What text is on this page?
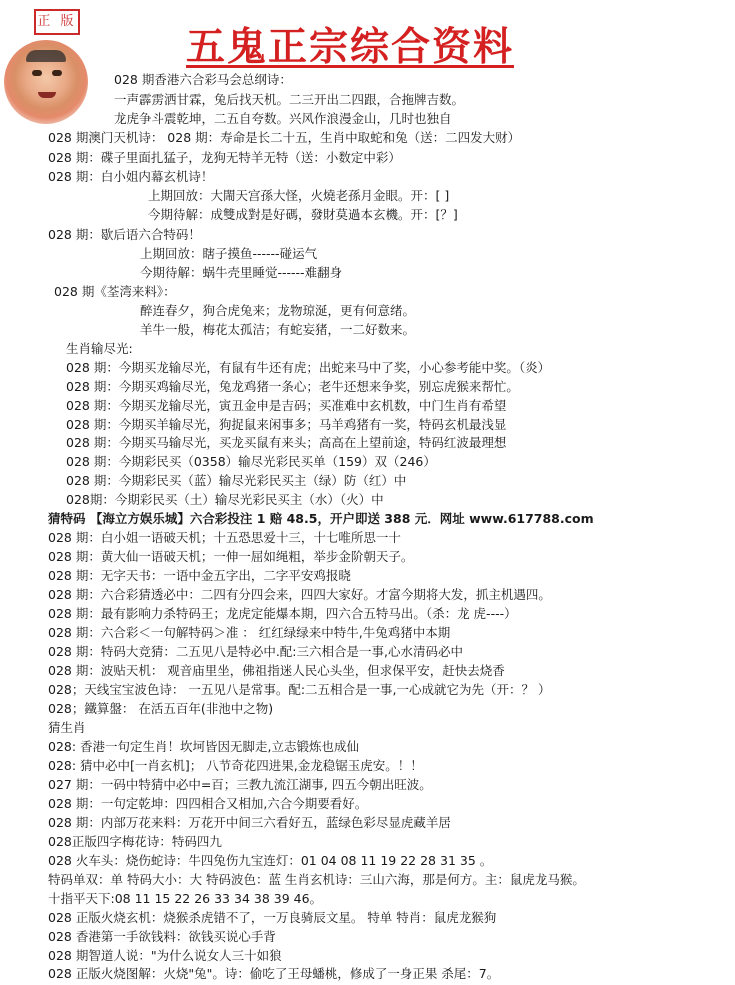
正 版
五鬼正宗综合资料
028 期香港六合彩马会总纲诗：
一声霹雳洒甘霖，兔后找天机。二三开出二四跟，合拖牌吉数。
龙虎争斗震乾坤，二五自夸数。兴风作浪漫金山，几时也独自
028 期澳门天机诗： 028 期：寿命是长二十五，生肖中取蛇和兔（送：二四发大财）
028 期：碟子里面扎猛子，龙狗无特羊无特（送：小数定中彩）
028 期：白小姐内幕玄机诗！
上期回放：大閙天宫孫大怪，火燒老孫月金眼。开：[ ]
今期待解：成雙成對是好碼，發財莫過本玄機。开：[？]
028 期：歇后语六合特码！
上期回放：瞎子摸鱼------碰运气
今期待解：蜗牛壳里睡觉------难翻身
028 期《荃湾来料》：
醉连春夕，狗合虎兔来；龙物琼涎，更有何意绪。
羊牛一般，梅花太孤洁；有蛇妄猪，一二好数来。
生肖输尽光:
028 期：今期买龙输尽光，有鼠有牛还有虎；出蛇来马中了奖，小心参考能中奖。（炎）
028 期：今期买鸡输尽光，兔龙鸡猪一条心；老牛还想来争奖，别忘虎猴来帮忙。
028 期：今期买龙输尽光，寅丑金申是吉码；买准难中玄机数，中门生肖有希望
028 期：今期买羊输尽光，狗捉鼠来闲事多；马羊鸡猪有一奖，特码玄机最浅显
028 期：今期买马输尽光，买龙买鼠有来头；高高在上望前途，特码红波最理想
028 期：今期彩民买（0358）输尽光彩民买单（159）双（246）
028 期：今期彩民买（蓝）输尽光彩民买主（绿）防（红）中
028期：今期彩民买（土）输尽光彩民买主（水）（火）中
猜特码 【海立方娱乐城】六合彩投注 1 赔 48.5，开户即送 388 元．网址 www.617788.com
028 期：白小姐一语破天机；十五恐思爱十三，十七唯所思一十
028 期：黄大仙一语破天机；一伸一屈如绳粗，举步金阶朝天子。
028 期：无字天书：一语中金五字出，二字平安鸡报晓
028 期：六合彩猜透必中：二四有分四会来，四四大家好。才富今期将大发，抓主机遇四。
028 期：最有影响力杀特码王；龙虎定能爆本期，四六合五特马出。（杀：龙 虎----）
028 期：六合彩＜一句解特码＞准 ： 红红绿绿来中特牛,牛兔鸡猪中本期
028 期：特码大竞猜：二五见八是特必中.配:三六相合是一事,心水清码必中
028 期：波贴天机： 观音庙里坐，佛祖指迷人民心头坐，但求保平安，赶快去烧香
028；天线宝宝波色诗： 一五见八是常事。配:二五相合是一事,一心成就它为先（开：？ ）
028；鐵算盤： 在活五百年(非池中之物)
猜生肖
028: 香港一句定生肖！坎坷皆因无脚走,立志锻炼也成仙
028: 猜中必中[一肖玄机]； 八节奇花四进果,金龙稳锯玉虎安。！！
027 期：一码中特猜中必中=百；三教九流江湖事, 四五今朝出旺波。
028 期：一句定乾坤：四四相合又相加,六合今期要看好。
028 期：内部万花来料：万花开中间三六看好五，蓝绿色彩尽显虎藏羊居
028正版四字梅花诗：特码四九
028 火车头：烧伤蛇诗：牛四兔伤九宝连灯：01 04 08 11 19 22 28 31 35 。
特码单双：单 特码大小：大 特码波色：蓝 生肖玄机诗：三山六海，那是何方。主：鼠虎龙马猴。
十指平天下:08 11 15 22 26 33 34 38 39 46。
028 正版火烧玄机：烧猴杀虎错不了，一万良骑辰文星。 特单 特肖：鼠虎龙猴狗
028 香港第一手欲钱料：欲钱买说心手背
028 期智道人说："为什么说女人三十如狼
028 正版火烧图解：火烧"兔"。诗：偷吃了王母蟠桃，修成了一身正果 杀尾：7。
